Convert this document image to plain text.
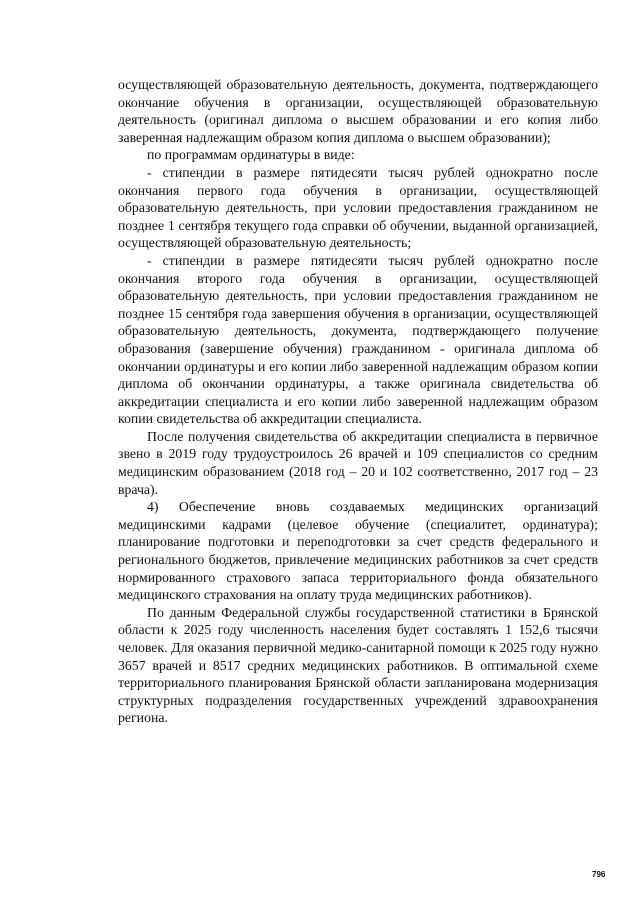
осуществляющей образовательную деятельность, документа, подтверждающего окончание обучения в организации, осуществляющей образовательную деятельность (оригинал диплома о высшем образовании и его копия либо заверенная надлежащим образом копия диплома о высшем образовании);

по программам ординатуры в виде:

- стипендии в размере пятидесяти тысяч рублей однократно после окончания первого года обучения в организации, осуществляющей образовательную деятельность, при условии предоставления гражданином не позднее 1 сентября текущего года справки об обучении, выданной организацией, осуществляющей образовательную деятельность;

- стипендии в размере пятидесяти тысяч рублей однократно после окончания второго года обучения в организации, осуществляющей образовательную деятельность, при условии предоставления гражданином не позднее 15 сентября года завершения обучения в организации, осуществляющей образовательную деятельность, документа, подтверждающего получение образования (завершение обучения) гражданином - оригинала диплома об окончании ординатуры и его копии либо заверенной надлежащим образом копии диплома об окончании ординатуры, а также оригинала свидетельства об аккредитации специалиста и его копии либо заверенной надлежащим образом копии свидетельства об аккредитации специалиста.

После получения свидетельства об аккредитации специалиста в первичное звено в 2019 году трудоустроилось 26 врачей и 109 специалистов со средним медицинским образованием (2018 год – 20 и 102 соответственно, 2017 год – 23 врача).

4) Обеспечение вновь создаваемых медицинских организаций медицинскими кадрами (целевое обучение (специалитет, ординатура); планирование подготовки и переподготовки за счет средств федерального и регионального бюджетов, привлечение медицинских работников за счет средств нормированного страхового запаса территориального фонда обязательного медицинского страхования на оплату труда медицинских работников).

По данным Федеральной службы государственной статистики в Брянской области к 2025 году численность населения будет составлять 1 152,6 тысячи человек. Для оказания первичной медико-санитарной помощи к 2025 году нужно 3657 врачей и 8517 средних медицинских работников. В оптимальной схеме территориального планирования Брянской области запланирована модернизация структурных подразделения государственных учреждений здравоохранения региона.

796
